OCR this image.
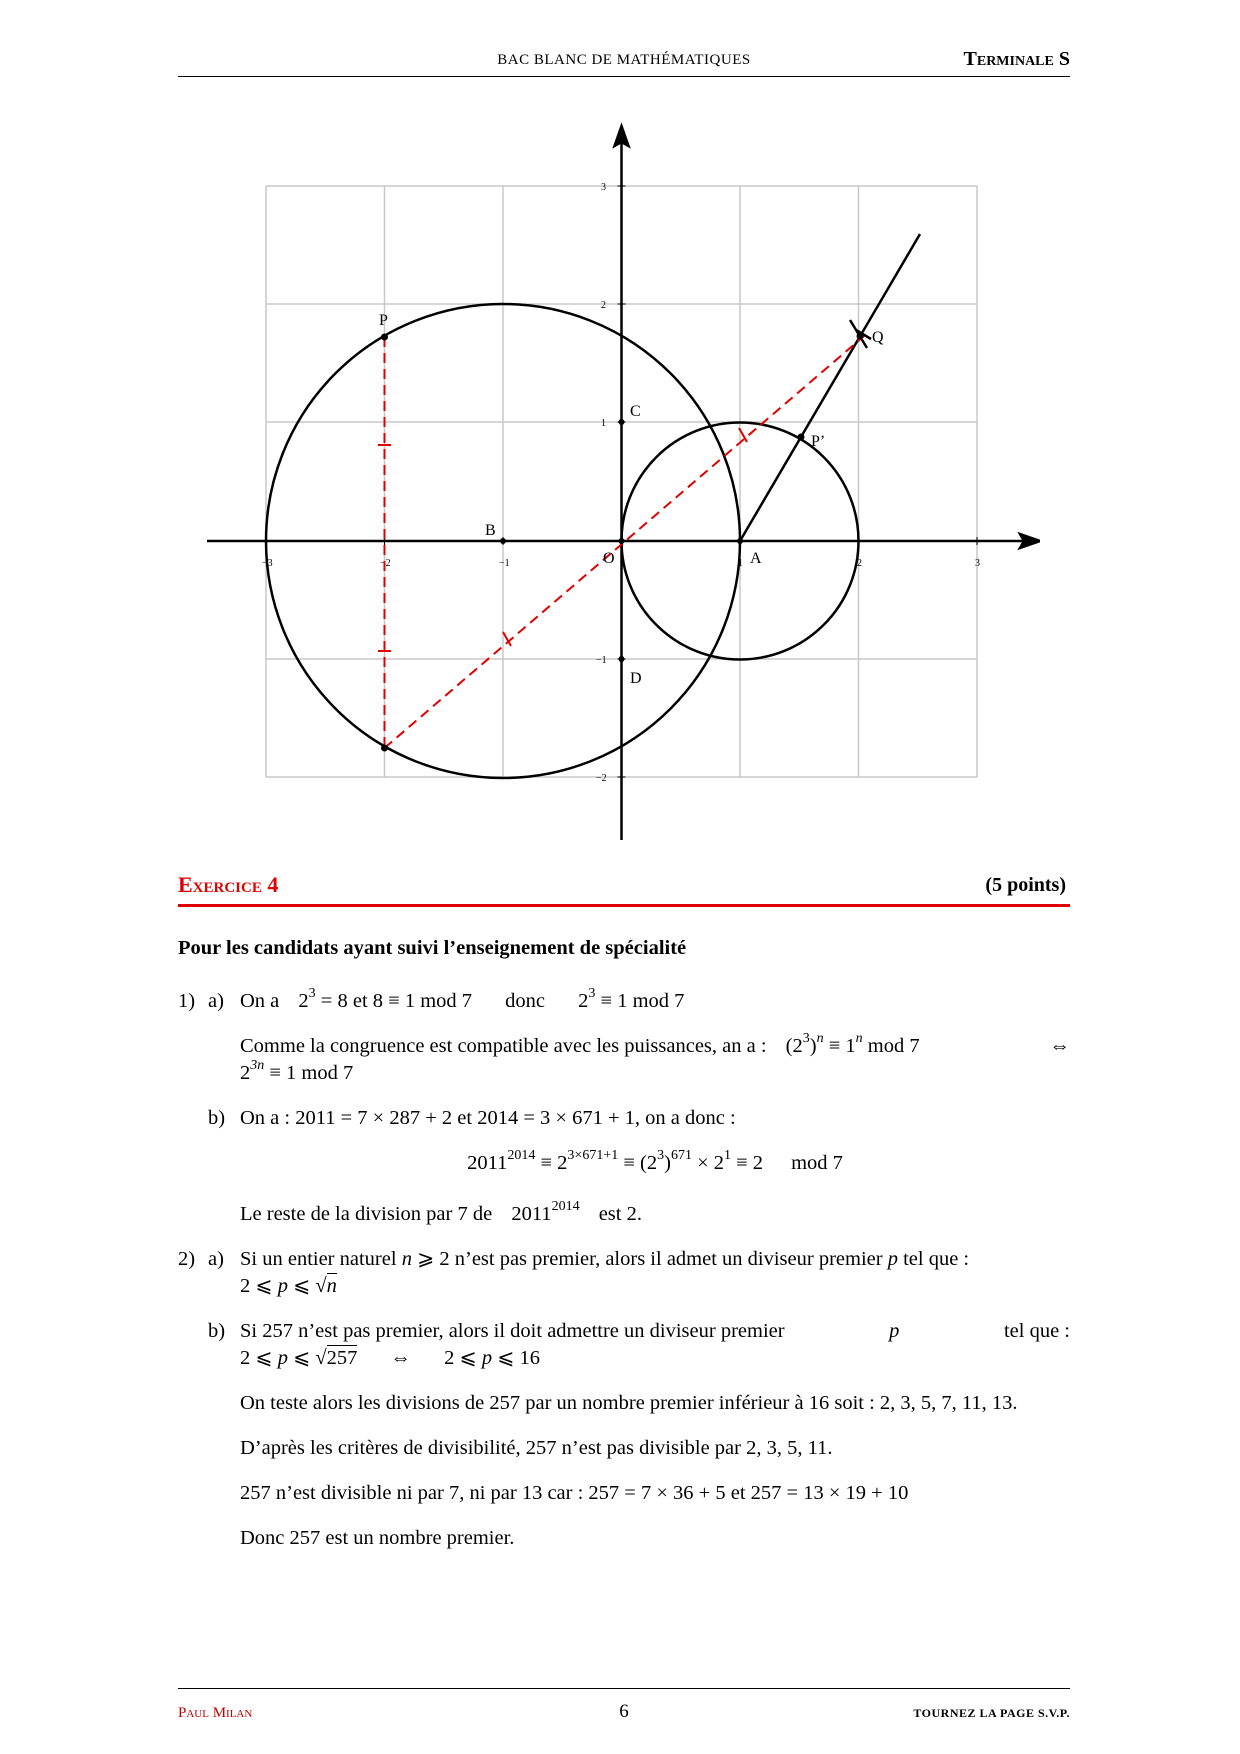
BAC BLANC DE MATHÉMATIQUES	Terminale S
−3	−2	−1	1	2	3
3
2
1
−1
−2
P
Q
C
P’
B
O	A
D
Exercice 4	(5 points)
Pour les candidats ayant suivi l’enseignement de spécialité
1) a) On a $2^3 = 8$ et 8 ≡ 1 mod 7 donc $2^3 \equiv 1$ mod 7
Comme la congruence est compatible avec les puissances, an a : $(2^3)^n \equiv 1^n$ mod 7	⇔
$2^{3n} \equiv 1$ mod 7
b) On a : 2011 = 7 × 287 + 2 et 2014 = 3 × 671 + 1, on a donc :
$2011^{2014} \equiv 2^{3\times 671+1} \equiv (2^3)^{671} \times 2^1 \equiv 2$ mod 7
Le reste de la division par 7 de $2011^{2014}$ est 2.
2) a) Si un entier naturel n ⩾ 2 n’est pas premier, alors il admet un diviseur premier p tel que :
2 ⩽ p ⩽ √n
b) Si 257 n’est pas premier, alors il doit admettre un diviseur premier	p	tel que :
2 ⩽ p ⩽ √257 ⇔ 2 ⩽ p ⩽ 16
On teste alors les divisions de 257 par un nombre premier inférieur à 16 soit : 2, 3, 5, 7, 11, 13.
D’après les critères de divisibilité, 257 n’est pas divisible par 2, 3, 5, 11.
257 n’est divisible ni par 7, ni par 13 car : 257 = 7 × 36 + 5 et 257 = 13 × 19 + 10
Donc 257 est un nombre premier.
Paul Milan	6	TOURNEZ LA PAGE S.V.P.
